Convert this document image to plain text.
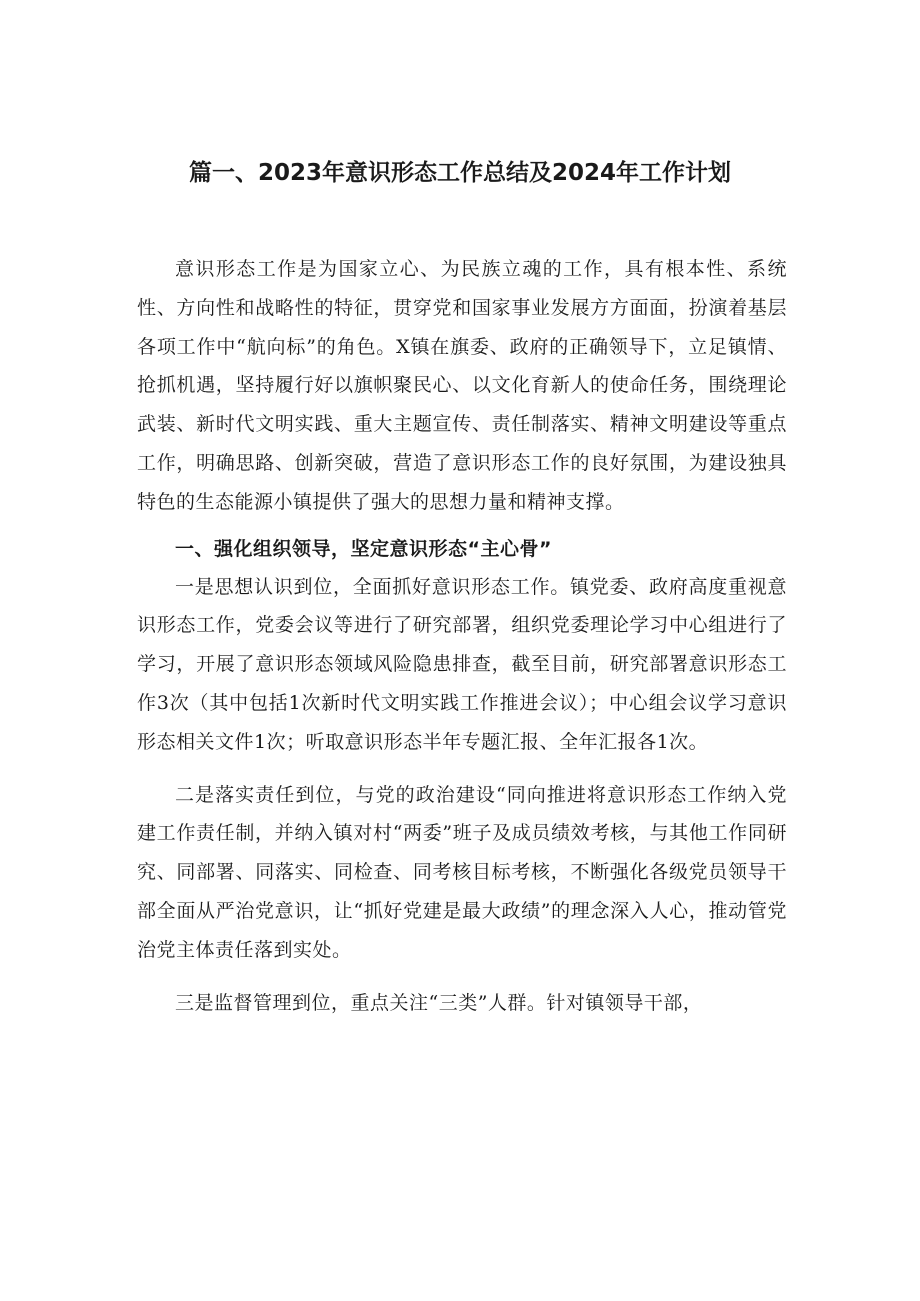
篇一、2023年意识形态工作总结及2024年工作计划

意识形态工作是为国家立心、为民族立魂的工作，具有根本性、系统性、方向性和战略性的特征，贯穿党和国家事业发展方方面面，扮演着基层各项工作中“航向标”的角色。X镇在旗委、政府的正确领导下，立足镇情、抢抓机遇，坚持履行好以旗帜聚民心、以文化育新人的使命任务，围绕理论武装、新时代文明实践、重大主题宣传、责任制落实、精神文明建设等重点工作，明确思路、创新突破，营造了意识形态工作的良好氛围，为建设独具特色的生态能源小镇提供了强大的思想力量和精神支撑。

一、强化组织领导，坚定意识形态“主心骨”

一是思想认识到位，全面抓好意识形态工作。镇党委、政府高度重视意识形态工作，党委会议等进行了研究部署，组织党委理论学习中心组进行了学习，开展了意识形态领域风险隐患排查，截至目前，研究部署意识形态工作3次（其中包括1次新时代文明实践工作推进会议）；中心组会议学习意识形态相关文件1次；听取意识形态半年专题汇报、全年汇报各1次。

二是落实责任到位，与党的政治建设“同向推进将意识形态工作纳入党建工作责任制，并纳入镇对村“两委”班子及成员绩效考核，与其他工作同研究、同部署、同落实、同检查、同考核目标考核，不断强化各级党员领导干部全面从严治党意识，让“抓好党建是最大政绩”的理念深入人心，推动管党治党主体责任落到实处。

三是监督管理到位，重点关注“三类”人群。针对镇领导干部，
